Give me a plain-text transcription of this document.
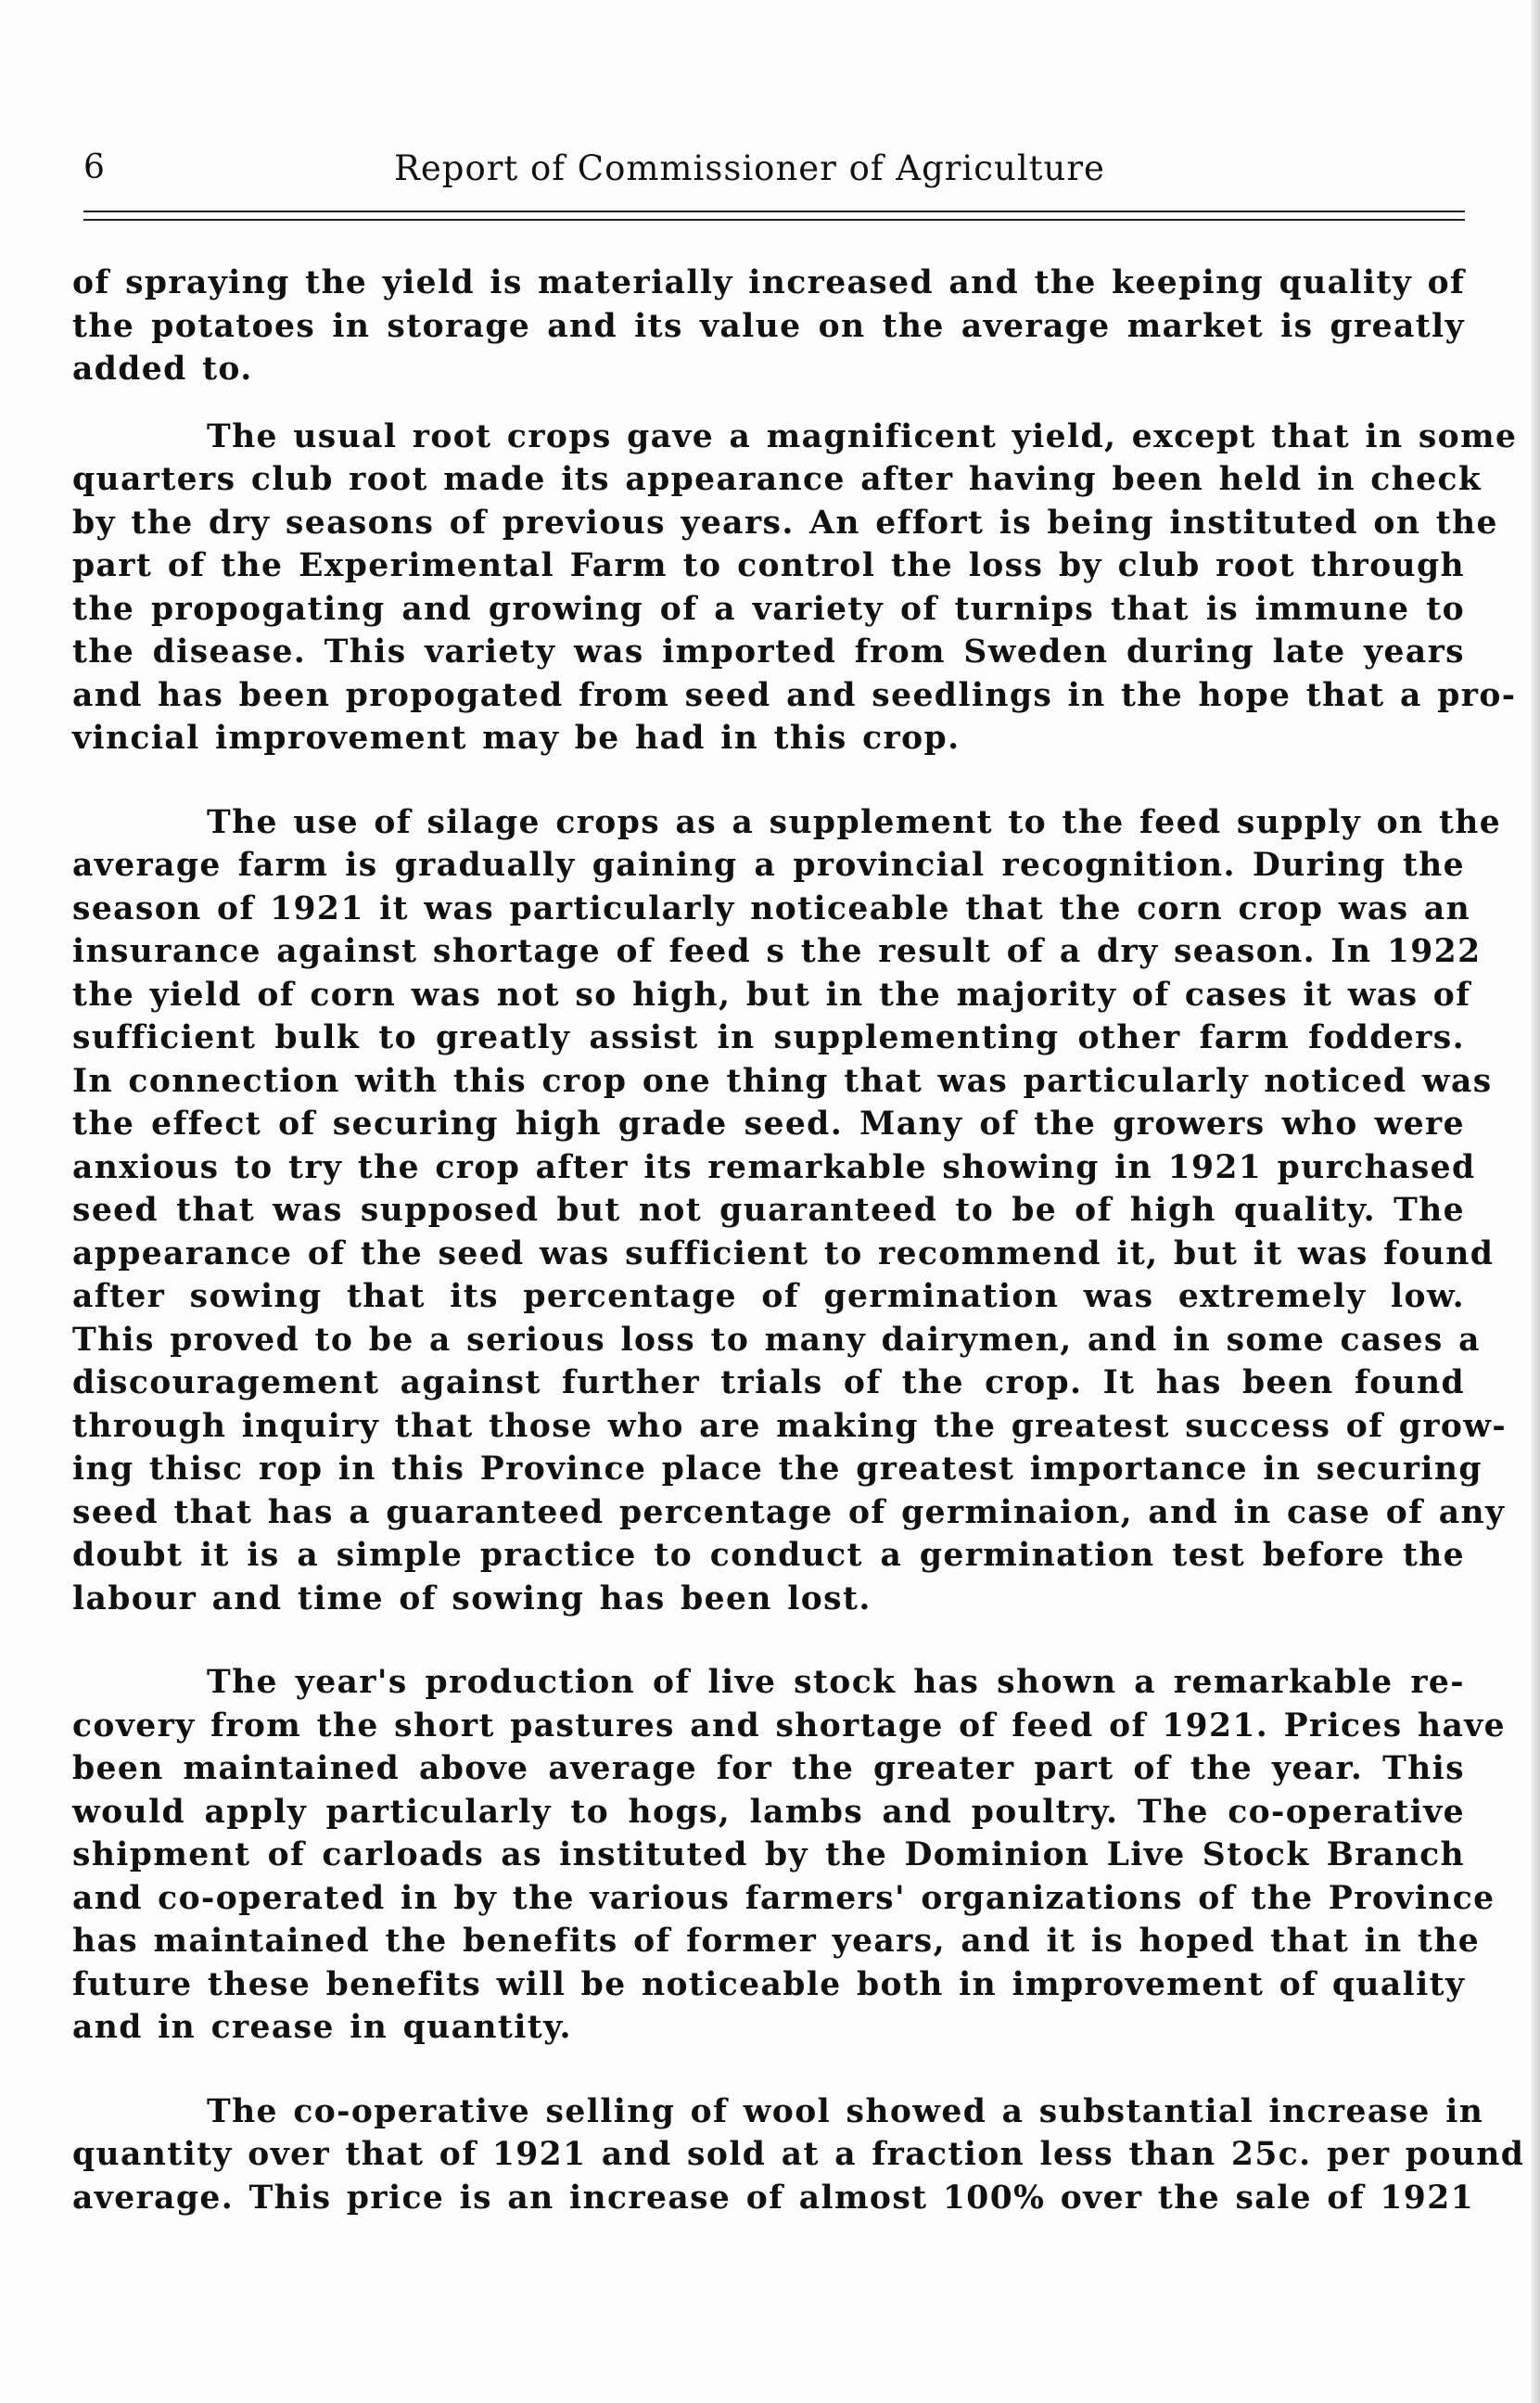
6	Report of Commissioner of Agriculture

of spraying the yield is materially increased and the keeping quality of
the potatoes in storage and its value on the average market is greatly
added to.

The usual root crops gave a magnificent yield, except that in some
quarters club root made its appearance after having been held in check
by the dry seasons of previous years. An effort is being instituted on the
part of the Experimental Farm to control the loss by club root through
the propogating and growing of a variety of turnips that is immune to
the disease. This variety was imported from Sweden during late years
and has been propogated from seed and seedlings in the hope that a pro-
vincial improvement may be had in this crop.

The use of silage crops as a supplement to the feed supply on the
average farm is gradually gaining a provincial recognition. During the
season of 1921 it was particularly noticeable that the corn crop was an
insurance against shortage of feed s the result of a dry season. In 1922
the yield of corn was not so high, but in the majority of cases it was of
sufficient bulk to greatly assist in supplementing other farm fodders.
In connection with this crop one thing that was particularly noticed was
the effect of securing high grade seed. Many of the growers who were
anxious to try the crop after its remarkable showing in 1921 purchased
seed that was supposed but not guaranteed to be of high quality. The
appearance of the seed was sufficient to recommend it, but it was found
after sowing that its percentage of germination was extremely low.
This proved to be a serious loss to many dairymen, and in some cases a
discouragement against further trials of the crop. It has been found
through inquiry that those who are making the greatest success of grow-
ing thisc rop in this Province place the greatest importance in securing
seed that has a guaranteed percentage of germinaion, and in case of any
doubt it is a simple practice to conduct a germination test before the
labour and time of sowing has been lost.

The year's production of live stock has shown a remarkable re-
covery from the short pastures and shortage of feed of 1921. Prices have
been maintained above average for the greater part of the year. This
would apply particularly to hogs, lambs and poultry. The co-operative
shipment of carloads as instituted by the Dominion Live Stock Branch
and co-operated in by the various farmers' organizations of the Province
has maintained the benefits of former years, and it is hoped that in the
future these benefits will be noticeable both in improvement of quality
and in crease in quantity.

The co-operative selling of wool showed a substantial increase in
quantity over that of 1921 and sold at a fraction less than 25c. per pound
average. This price is an increase of almost 100% over the sale of 1921
